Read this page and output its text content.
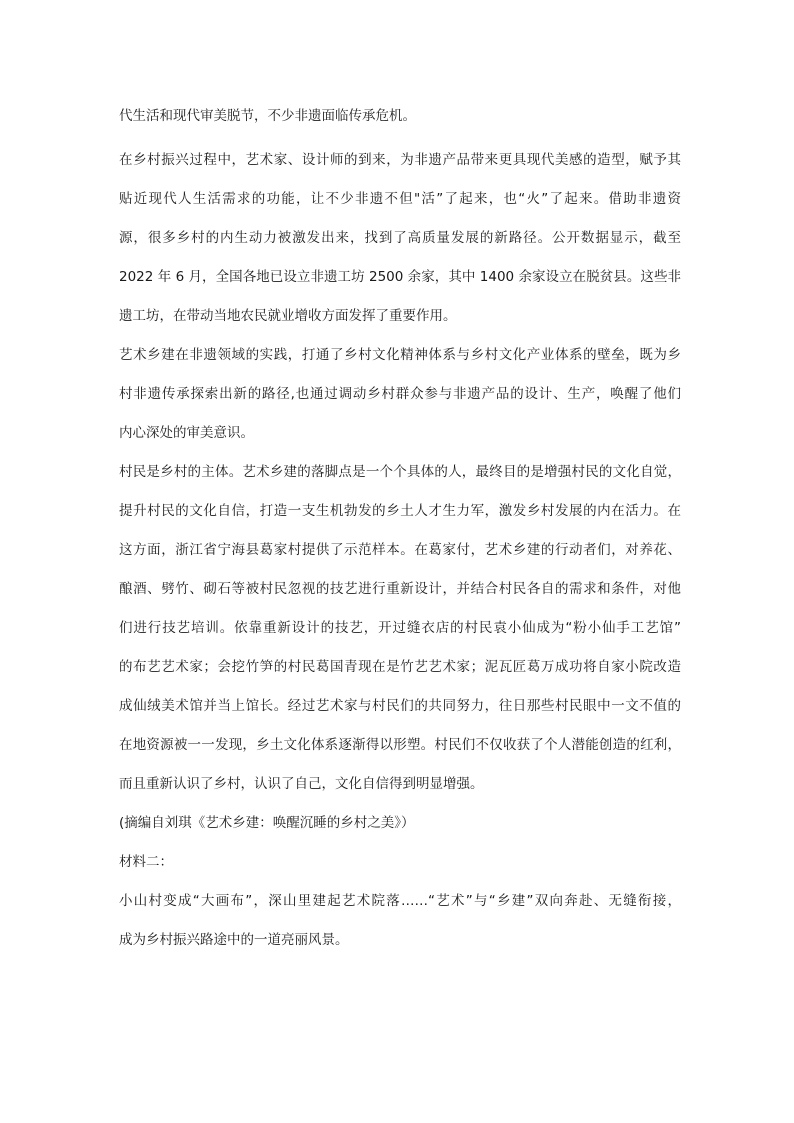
代生活和现代审美脱节，不少非遗面临传承危机。

在乡村振兴过程中，艺术家、设计师的到来，为非遗产品带来更具现代美感的造型，赋予其

贴近现代人生活需求的功能，让不少非遗不但"活”了起来，也“火”了起来。借助非遗资

源，很多乡村的内生动力被激发出来，找到了高质量发展的新路径。公开数据显示，截至

2022 年 6 月，全国各地已设立非遗工坊 2500 余家，其中 1400 余家设立在脱贫县。这些非

遗工坊，在带动当地农民就业增收方面发挥了重要作用。

艺术乡建在非遗领域的实践，打通了乡村文化精神体系与乡村文化产业体系的壁垒，既为乡

村非遗传承探索出新的路径,也通过调动乡村群众参与非遗产品的设计、生产，唤醒了他们

内心深处的审美意识。

村民是乡村的主体。艺术乡建的落脚点是一个个具体的人，最终目的是增强村民的文化自觉，

提升村民的文化自信，打造一支生机勃发的乡土人才生力军，激发乡村发展的内在活力。在

这方面，浙江省宁海县葛家村提供了示范样本。在葛家付，艺术乡建的行动者们，对养花、

酿酒、劈竹、砌石等被村民忽视的技艺进行重新设计，并结合村民各自的需求和条件，对他

们进行技艺培训。依靠重新设计的技艺，开过缝衣店的村民袁小仙成为“粉小仙手工艺馆”

的布艺艺术家；会挖竹笋的村民葛国青现在是竹艺艺术家；泥瓦匠葛万成功将自家小院改造

成仙绒美术馆并当上馆长。经过艺术家与村民们的共同努力，往日那些村民眼中一文不值的

在地资源被一一发现，乡土文化体系逐渐得以形塑。村民们不仅收获了个人潜能创造的红利，

而且重新认识了乡村，认识了自己，文化自信得到明显增强。

(摘编自刘琪《艺术乡建：唤醒沉睡的乡村之美》）

材料二：

小山村变成“大画布”，深山里建起艺术院落……“艺术”与“乡建”双向奔赴、无缝衔接，

成为乡村振兴路途中的一道亮丽风景。
